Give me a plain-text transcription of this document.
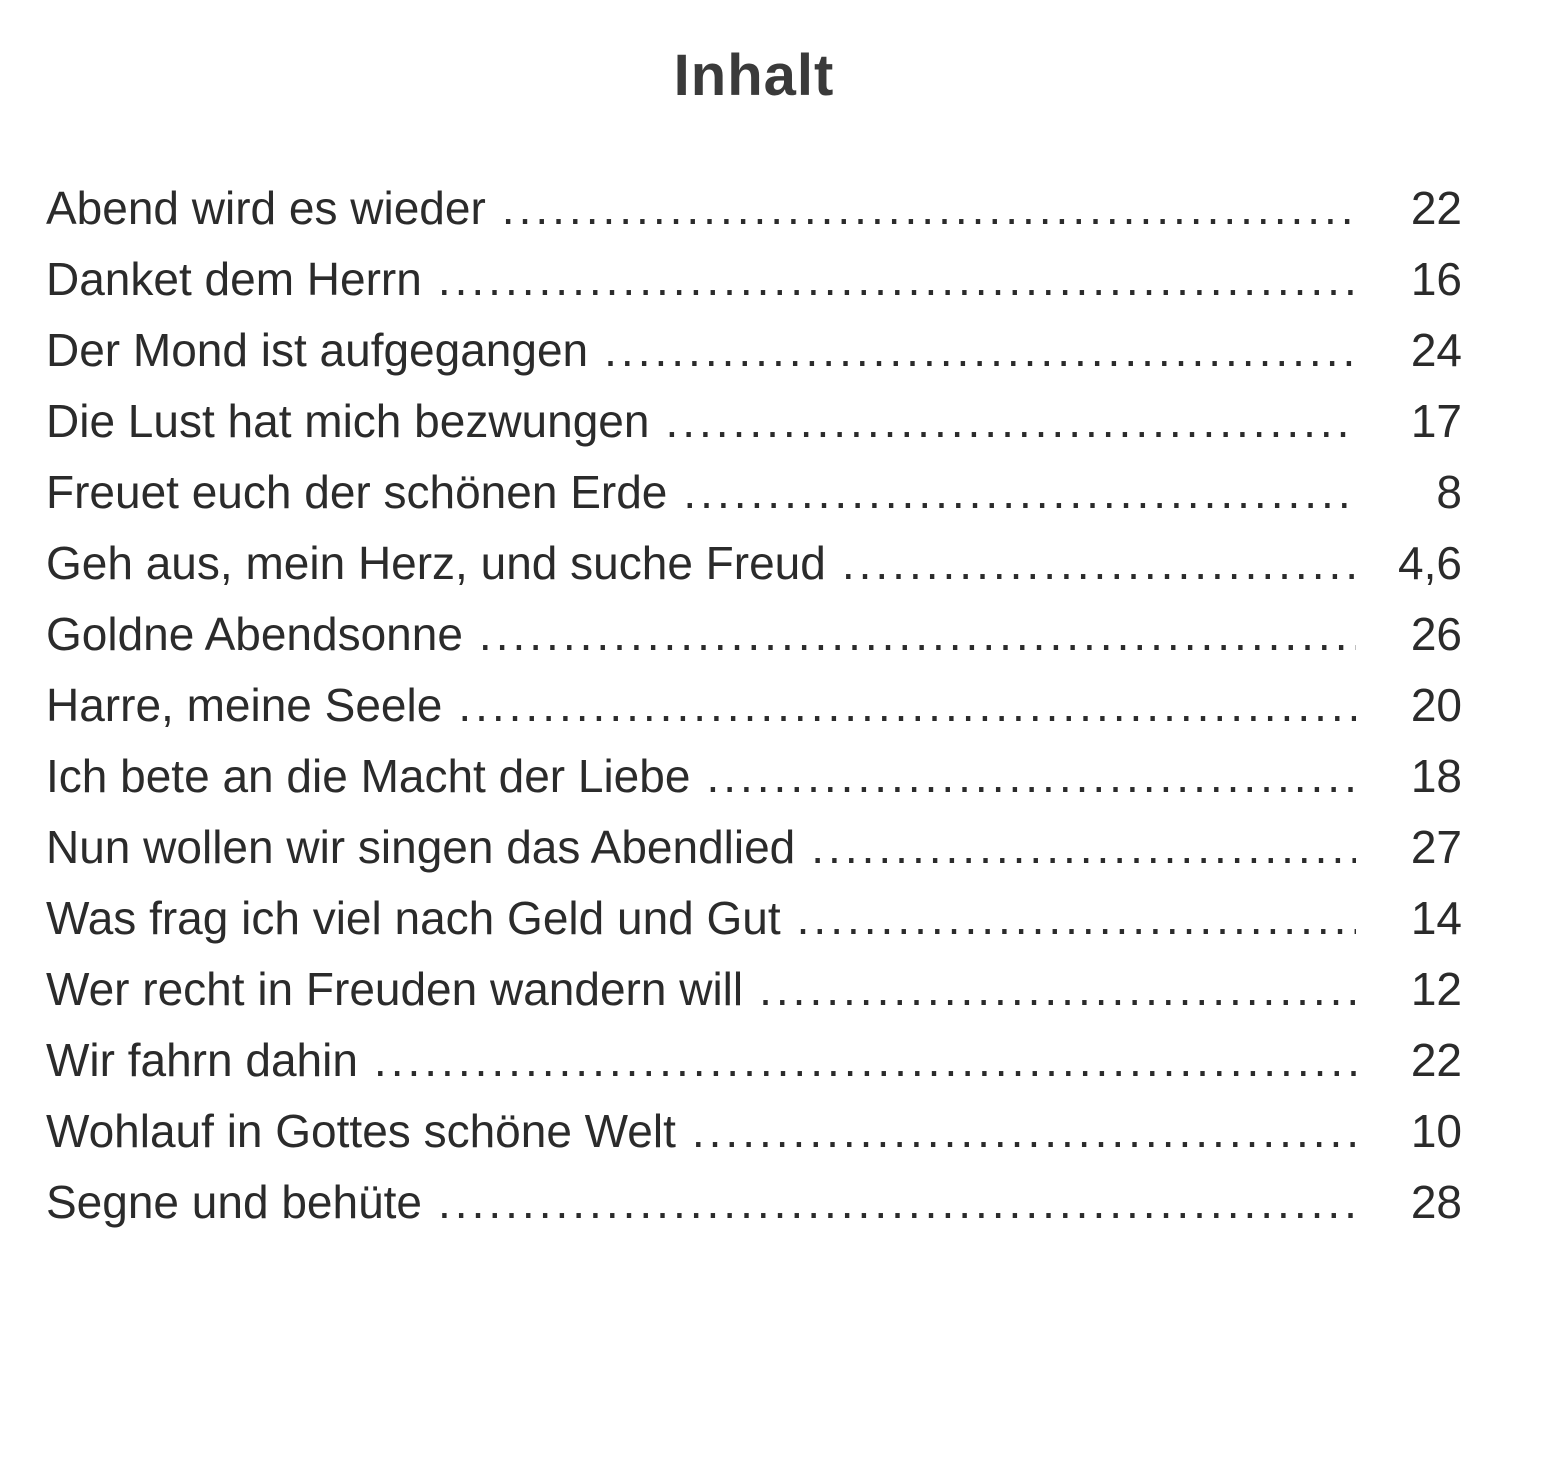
Inhalt
Abend wird es wieder .....	22
Danket dem Herrn .....	16
Der Mond ist aufgegangen .....	24
Die Lust hat mich bezwungen .....	17
Freuet euch der schönen Erde .....	8
Geh aus, mein Herz, und suche Freud .....	4,6
Goldne Abendsonne .....	26
Harre, meine Seele .....	20
Ich bete an die Macht der Liebe .....	18
Nun wollen wir singen das Abendlied .....	27
Was frag ich viel nach Geld und Gut .....	14
Wer recht in Freuden wandern will .....	12
Wir fahrn dahin .....	22
Wohlauf in Gottes schöne Welt .....	10
Segne und behüte .....	28
